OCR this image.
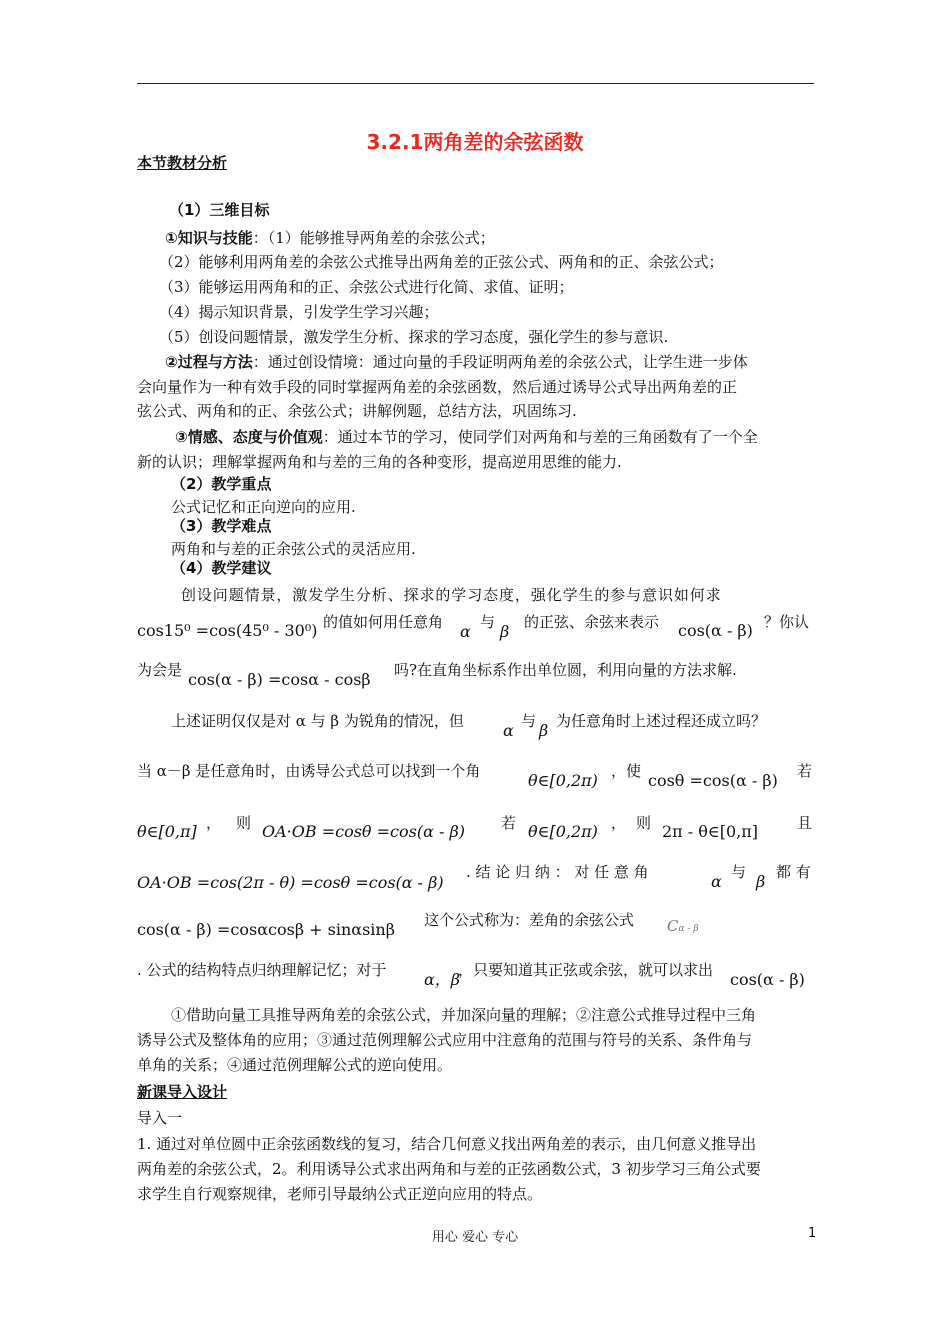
3.2.1两角差的余弦函数
本节教材分析
（1）三维目标
①知识与技能：（1）能够推导两角差的余弦公式；
（2）能够利用两角差的余弦公式推导出两角差的正弦公式、两角和的正、余弦公式；
（3）能够运用两角和的正、余弦公式进行化简、求值、证明；
（4）揭示知识背景，引发学生学习兴趣；
（5）创设问题情景，激发学生分析、探求的学习态度，强化学生的参与意识.
②过程与方法：通过创设情境：通过向量的手段证明两角差的余弦公式，让学生进一步体
会向量作为一种有效手段的同时掌握两角差的余弦函数，然后通过诱导公式导出两角差的正
弦公式、两角和的正、余弦公式；讲解例题，总结方法，巩固练习.
③情感、态度与价值观：通过本节的学习，使同学们对两角和与差的三角函数有了一个全
新的认识；理解掌握两角和与差的三角的各种变形，提高逆用思维的能力.
（2）教学重点
公式记忆和正向逆向的应用.
（3）教学难点
两角和与差的正余弦公式的灵活应用.
（4）教学建议
创设问题情景，激发学生分析、探求的学习态度，强化学生的参与意识如何求
cos15⁰ =cos(45⁰ - 30⁰) 的值如何用任意角 α 与 β 的正弦、余弦来表示 cos(α - β) ？你认
为会是 cos(α - β) =cosα - cosβ 吗?在直角坐标系作出单位圆，利用向量的方法求解.
上述证明仅仅是对 α 与 β 为锐角的情况，但 α 与 β 为任意角时上述过程还成立吗？
当 α－β 是任意角时，由诱导公式总可以找到一个角	θ∈[0,2π) ，使 cosθ =cos(α - β) 若
θ∈[0,π] ， 则 OA·OB =cosθ =cos(α - β) 若 θ∈[0,2π) ， 则 2π - θ∈[0,π]	且
OA·OB =cos(2π - θ) =cosθ =cos(α - β)
. 结 论 归 纳 ： 对 任 意 角	α 与 β 都 有
cos(α - β) =cosαcosβ + sinαsinβ 这个公式称为：差角的余弦公式 Cα - β
. 公式的结构特点归纳理解记忆；对于 α，β
，只要知道其正弦或余弦，就可以求出 cos(α - β)
①借助向量工具推导两角差的余弦公式，并加深向量的理解；②注意公式推导过程中三角
诱导公式及整体角的应用；③通过范例理解公式应用中注意角的范围与符号的关系、条件角与
单角的关系；④通过范例理解公式的逆向使用。
新课导入设计
导入一
1. 通过对单位圆中正余弦函数线的复习，结合几何意义找出两角差的表示，由几何意义推导出
两角差的余弦公式，2。利用诱导公式求出两角和与差的正弦函数公式，3 初步学习三角公式要
求学生自行观察规律，老师引导最纳公式正逆向应用的特点。
用心 爱心 专心	1
